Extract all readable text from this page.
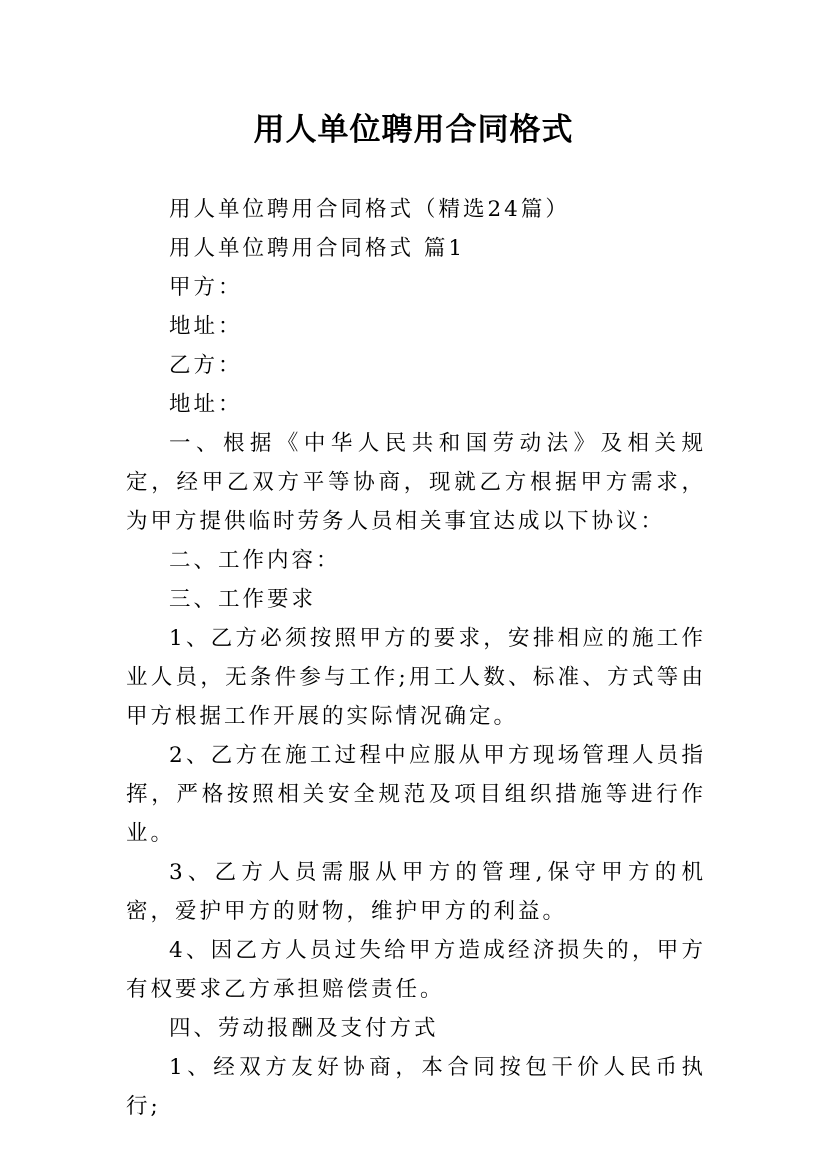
用人单位聘用合同格式

用人单位聘用合同格式（精选24篇）

用人单位聘用合同格式 篇1

甲方：

地址：

乙方：

地址：

一、根据《中华人民共和国劳动法》及相关规定，经甲乙双方平等协商，现就乙方根据甲方需求，为甲方提供临时劳务人员相关事宜达成以下协议：

二、工作内容：

三、工作要求

1、乙方必须按照甲方的要求，安排相应的施工作业人员，无条件参与工作;用工人数、标准、方式等由甲方根据工作开展的实际情况确定。

2、乙方在施工过程中应服从甲方现场管理人员指挥，严格按照相关安全规范及项目组织措施等进行作业。

3、乙方人员需服从甲方的管理,保守甲方的机密，爱护甲方的财物，维护甲方的利益。

4、因乙方人员过失给甲方造成经济损失的，甲方有权要求乙方承担赔偿责任。

四、劳动报酬及支付方式

1、经双方友好协商，本合同按包干价人民币执行;
